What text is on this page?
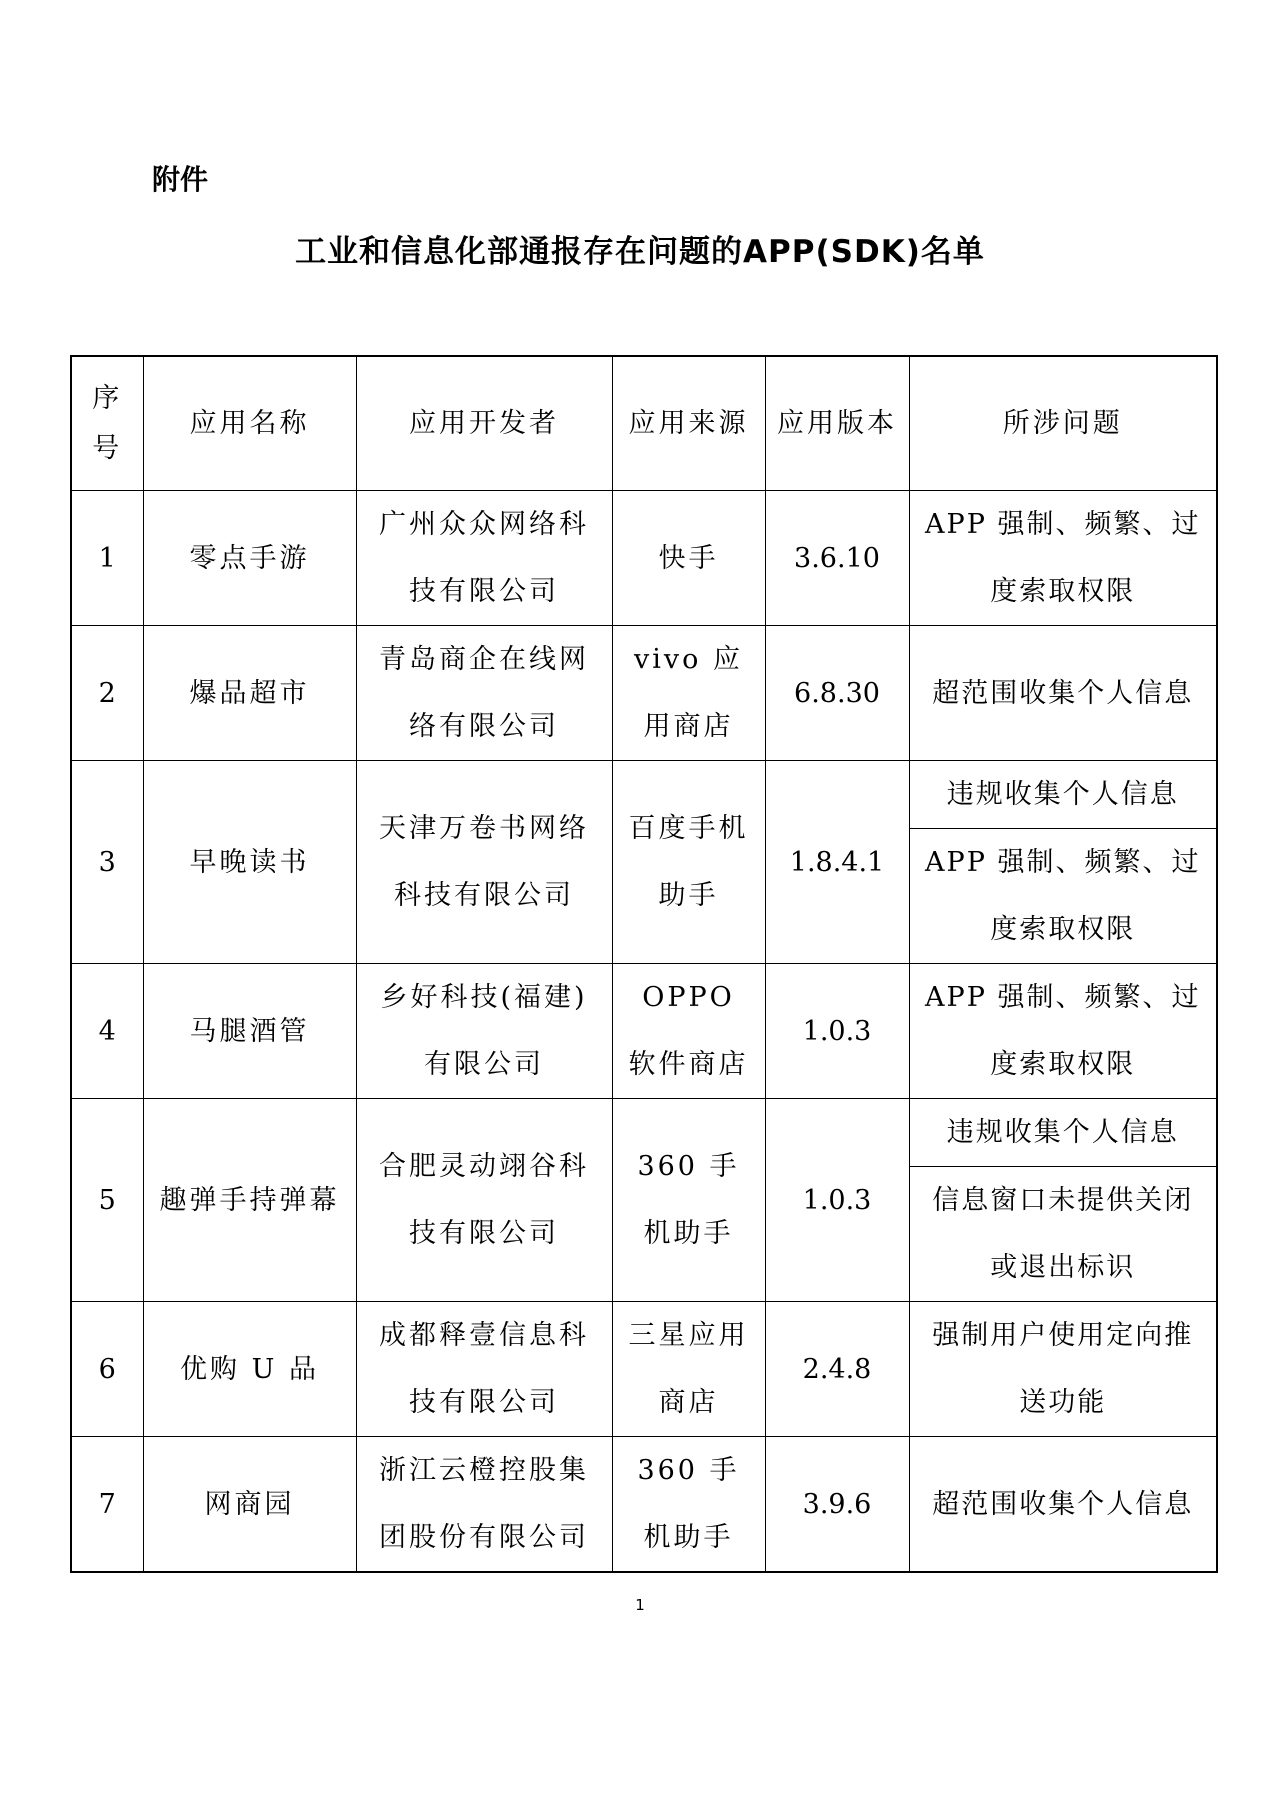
附件
工业和信息化部通报存在问题的APP(SDK)名单
序
号	应用名称	应用开发者	应用来源	应用版本	所涉问题
1	零点手游	广州众众网络科技有限公司	快手	3.6.10	APP 强制、频繁、过度索取权限
2	爆品超市	青岛商企在线网络有限公司	vivo 应用商店	6.8.30	超范围收集个人信息
3	早晚读书	天津万卷书网络科技有限公司	百度手机助手	1.8.4.1	违规收集个人信息
					APP 强制、频繁、过度索取权限
4	马腿酒管	乡好科技(福建)有限公司	OPPO 软件商店	1.0.3	APP 强制、频繁、过度索取权限
5	趣弹手持弹幕	合肥灵动翊谷科技有限公司	360 手机助手	1.0.3	违规收集个人信息
					信息窗口未提供关闭或退出标识
6	优购 U 品	成都释壹信息科技有限公司	三星应用商店	2.4.8	强制用户使用定向推送功能
7	网商园	浙江云橙控股集团股份有限公司	360 手机助手	3.9.6	超范围收集个人信息
1
